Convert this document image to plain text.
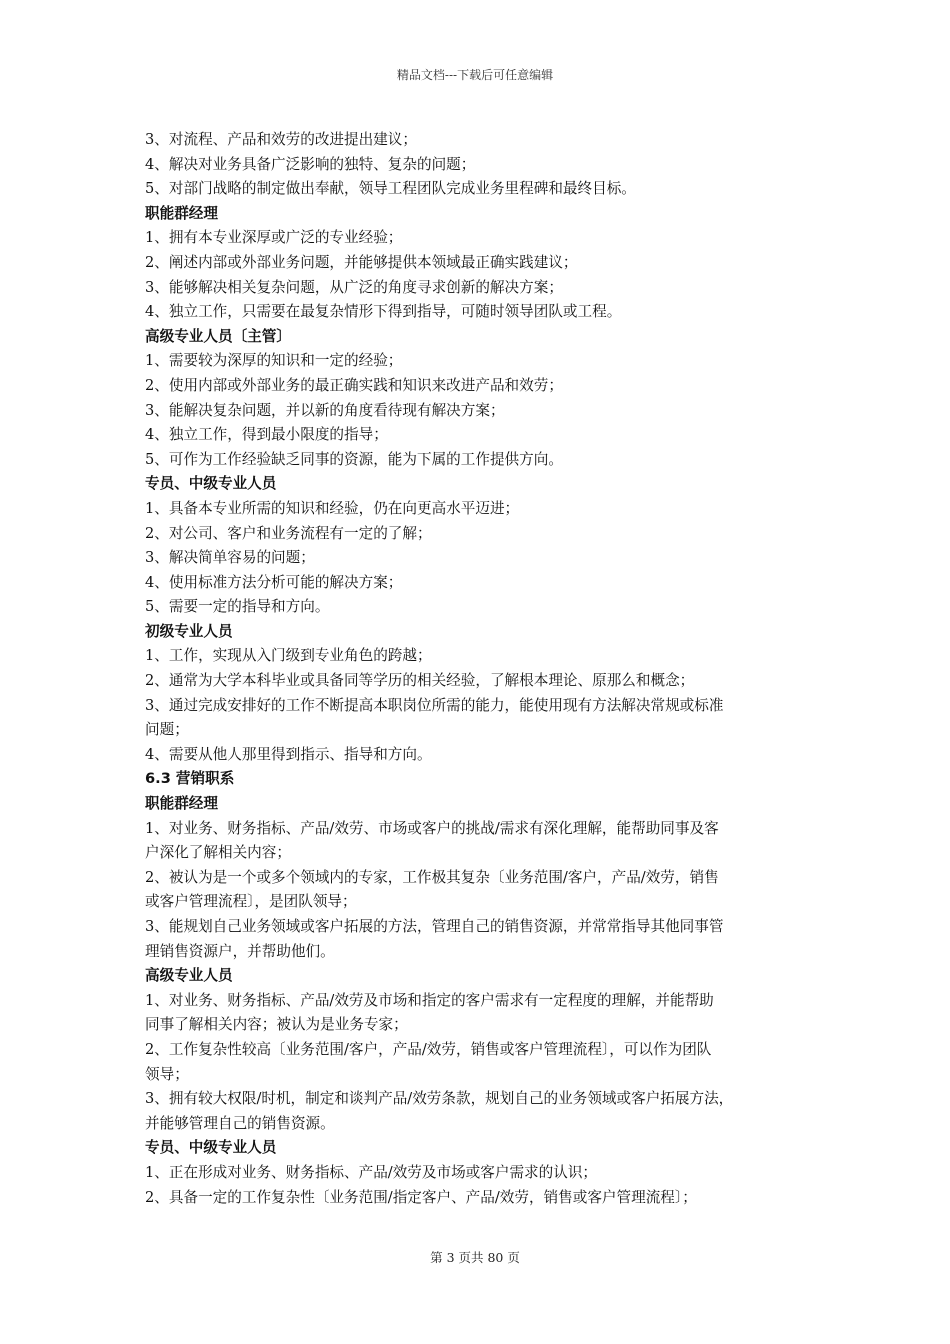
精品文档---下载后可任意编辑
3、对流程、产品和效劳的改进提出建议；
4、解决对业务具备广泛影响的独特、复杂的问题；
5、对部门战略的制定做出奉献，领导工程团队完成业务里程碑和最终目标。
职能群经理
1、拥有本专业深厚或广泛的专业经验；
2、阐述内部或外部业务问题，并能够提供本领域最正确实践建议；
3、能够解决相关复杂问题，从广泛的角度寻求创新的解决方案；
4、独立工作，只需要在最复杂情形下得到指导，可随时领导团队或工程。
高级专业人员〔主管〕
1、需要较为深厚的知识和一定的经验；
2、使用内部或外部业务的最正确实践和知识来改进产品和效劳；
3、能解决复杂问题，并以新的角度看待现有解决方案；
4、独立工作，得到最小限度的指导；
5、可作为工作经验缺乏同事的资源，能为下属的工作提供方向。
专员、中级专业人员
1、具备本专业所需的知识和经验，仍在向更高水平迈进；
2、对公司、客户和业务流程有一定的了解；
3、解决简单容易的问题；
4、使用标准方法分析可能的解决方案；
5、需要一定的指导和方向。
初级专业人员
1、工作，实现从入门级到专业角色的跨越；
2、通常为大学本科毕业或具备同等学历的相关经验，了解根本理论、原那么和概念；
3、通过完成安排好的工作不断提高本职岗位所需的能力，能使用现有方法解决常规或标准
问题；
4、需要从他人那里得到指示、指导和方向。
6.3 营销职系
职能群经理
1、对业务、财务指标、产品/效劳、市场或客户的挑战/需求有深化理解，能帮助同事及客
户深化了解相关内容；
2、被认为是一个或多个领域内的专家，工作极其复杂〔业务范围/客户，产品/效劳，销售
或客户管理流程〕，是团队领导；
3、能规划自己业务领域或客户拓展的方法，管理自己的销售资源，并常常指导其他同事管
理销售资源户，并帮助他们。
高级专业人员
1、对业务、财务指标、产品/效劳及市场和指定的客户需求有一定程度的理解，并能帮助
同事了解相关内容；被认为是业务专家；
2、工作复杂性较高〔业务范围/客户，产品/效劳，销售或客户管理流程〕，可以作为团队
领导；
3、拥有较大权限/时机，制定和谈判产品/效劳条款，规划自己的业务领域或客户拓展方法，
并能够管理自己的销售资源。
专员、中级专业人员
1、正在形成对业务、财务指标、产品/效劳及市场或客户需求的认识；
2、具备一定的工作复杂性〔业务范围/指定客户、产品/效劳，销售或客户管理流程〕；
第 3 页共 80 页
